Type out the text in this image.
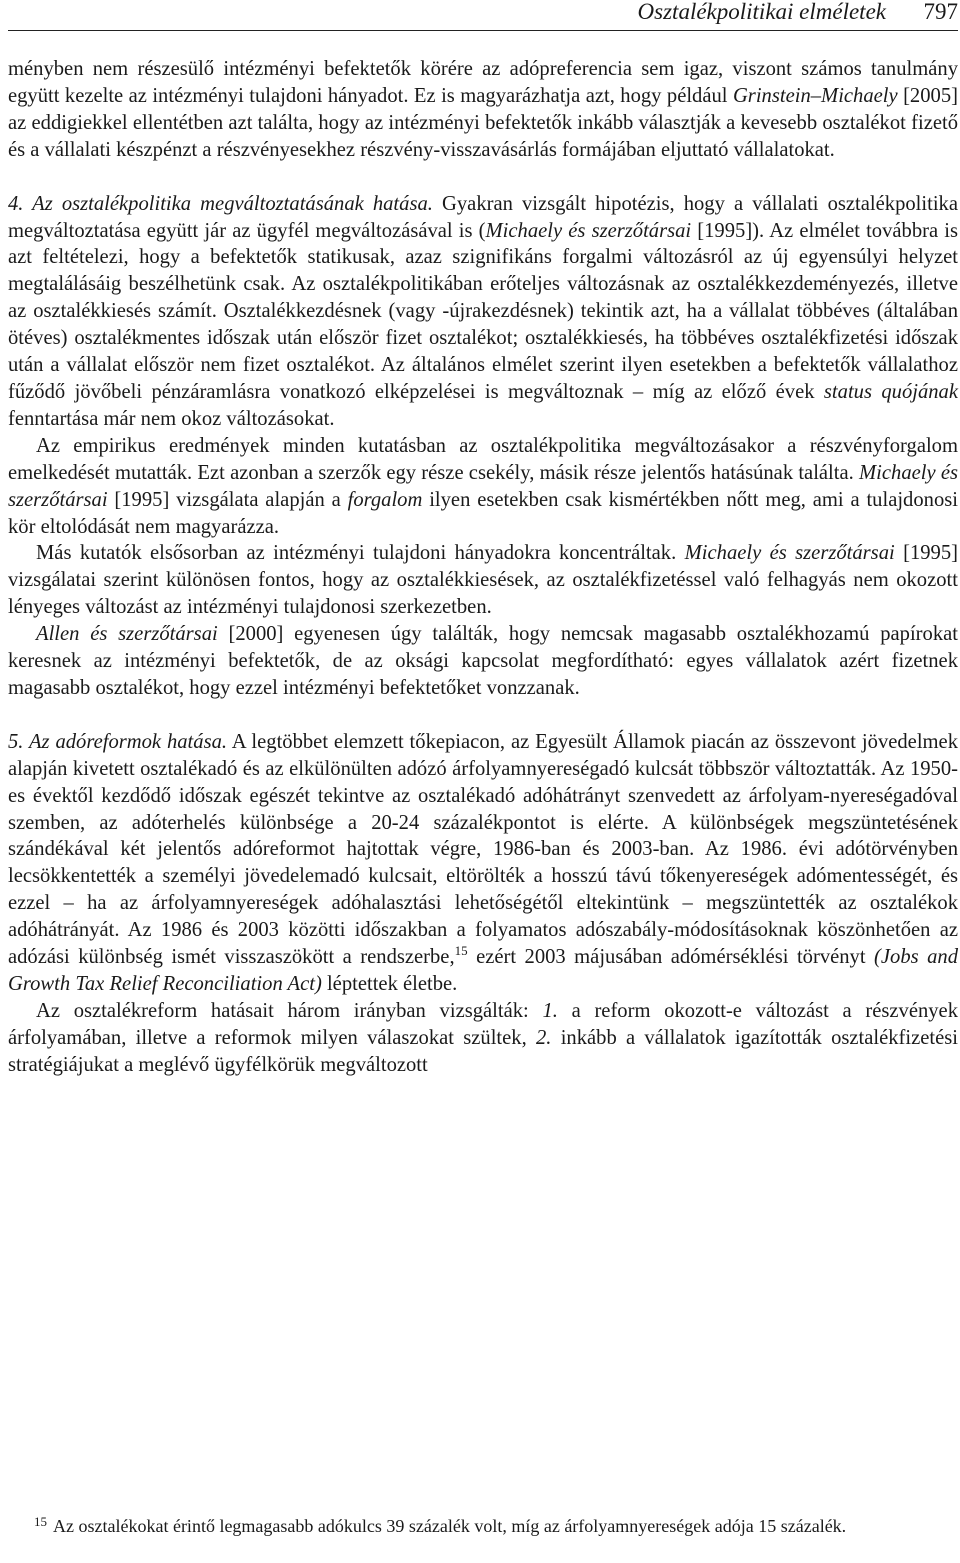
Osztalékpolitikai elméletek 797

ményben nem részesülő intézményi befektetők körére az adópreferencia sem igaz, viszont számos tanulmány együtt kezelte az intézményi tulajdoni hányadot. Ez is magyarázhatja azt, hogy például Grinstein–Michaely [2005] az eddigiekkel ellentétben azt találta, hogy az intézményi befektetők inkább választják a kevesebb osztalékot fizető és a vállalati készpénzt a részvényesekhez részvény-visszavásárlás formájában eljuttató vállalatokat.

4. Az osztalékpolitika megváltoztatásának hatása. Gyakran vizsgált hipotézis, hogy a vállalati osztalékpolitika megváltoztatása együtt jár az ügyfél megváltozásával is (Michaely és szerzőtársai [1995]). Az elmélet továbbra is azt feltételezi, hogy a befektetők statikusak, azaz szignifikáns forgalmi változásról az új egyensúlyi helyzet megtalálásáig beszélhetünk csak. Az osztalékpolitikában erőteljes változásnak az osztalékkezdeményezés, illetve az osztalékkiesés számít. Osztalékkezdésnek (vagy -újrakezdésnek) tekintik azt, ha a vállalat többéves (általában ötéves) osztalékmentes időszak után először fizet osztalékot; osztalékkiesés, ha többéves osztalékfizetési időszak után a vállalat először nem fizet osztalékot. Az általános elmélet szerint ilyen esetekben a befektetők vállalathoz fűződő jövőbeli pénzáramlásra vonatkozó elképzelései is megváltoznak – míg az előző évek status quójának fenntartása már nem okoz változásokat.

Az empirikus eredmények minden kutatásban az osztalékpolitika megváltozásakor a részvényforgalom emelkedését mutatták. Ezt azonban a szerzők egy része csekély, másik része jelentős hatásúnak találta. Michaely és szerzőtársai [1995] vizsgálata alapján a forgalom ilyen esetekben csak kismértékben nőtt meg, ami a tulajdonosi kör eltolódását nem magyarázza.

Más kutatók elsősorban az intézményi tulajdoni hányadokra koncentráltak. Michaely és szerzőtársai [1995] vizsgálatai szerint különösen fontos, hogy az osztalékkiesések, az osztalékfizetéssel való felhagyás nem okozott lényeges változást az intézményi tulajdonosi szerkezetben.

Allen és szerzőtársai [2000] egyenesen úgy találták, hogy nemcsak magasabb osztalékhozamú papírokat keresnek az intézményi befektetők, de az oksági kapcsolat megfordítható: egyes vállalatok azért fizetnek magasabb osztalékot, hogy ezzel intézményi befektetőket vonzzanak.

5. Az adóreformok hatása. A legtöbbet elemzett tőkepiacon, az Egyesült Államok piacán az összevont jövedelmek alapján kivetett osztalékadó és az elkülönülten adózó árfolyamnyereségadó kulcsát többször változtatták. Az 1950-es évektől kezdődő időszak egészét tekintve az osztalékadó adóhátrányt szenvedett az árfolyam-nyereségadóval szemben, az adóterhelés különbsége a 20-24 százalékpontot is elérte. A különbségek megszüntetésének szándékával két jelentős adóreformot hajtottak végre, 1986-ban és 2003-ban. Az 1986. évi adótörvényben lecsökkentették a személyi jövedelemadó kulcsait, eltörölték a hosszú távú tőkenyereségek adómentességét, és ezzel – ha az árfolyamnyereségek adóhalasztási lehetőségétől eltekintünk – megszüntették az osztalékok adóhátrányát. Az 1986 és 2003 közötti időszakban a folyamatos adószabály-módosításoknak köszönhetően az adózási különbség ismét visszaszökött a rendszerbe,$^{15}$ ezért 2003 májusában adómérséklési törvényt (Jobs and Growth Tax Relief Reconciliation Act) léptettek életbe.

Az osztalékreform hatásait három irányban vizsgálták: 1. a reform okozott-e változást a részvények árfolyamában, illetve a reformok milyen válaszokat szültek, 2. inkább a vállalatok igazították osztalékfizetési stratégiájukat a meglévő ügyfélkörük megváltozott

$^{15}$ Az osztalékokat érintő legmagasabb adókulcs 39 százalék volt, míg az árfolyamnyereségek adója 15 százalék.
